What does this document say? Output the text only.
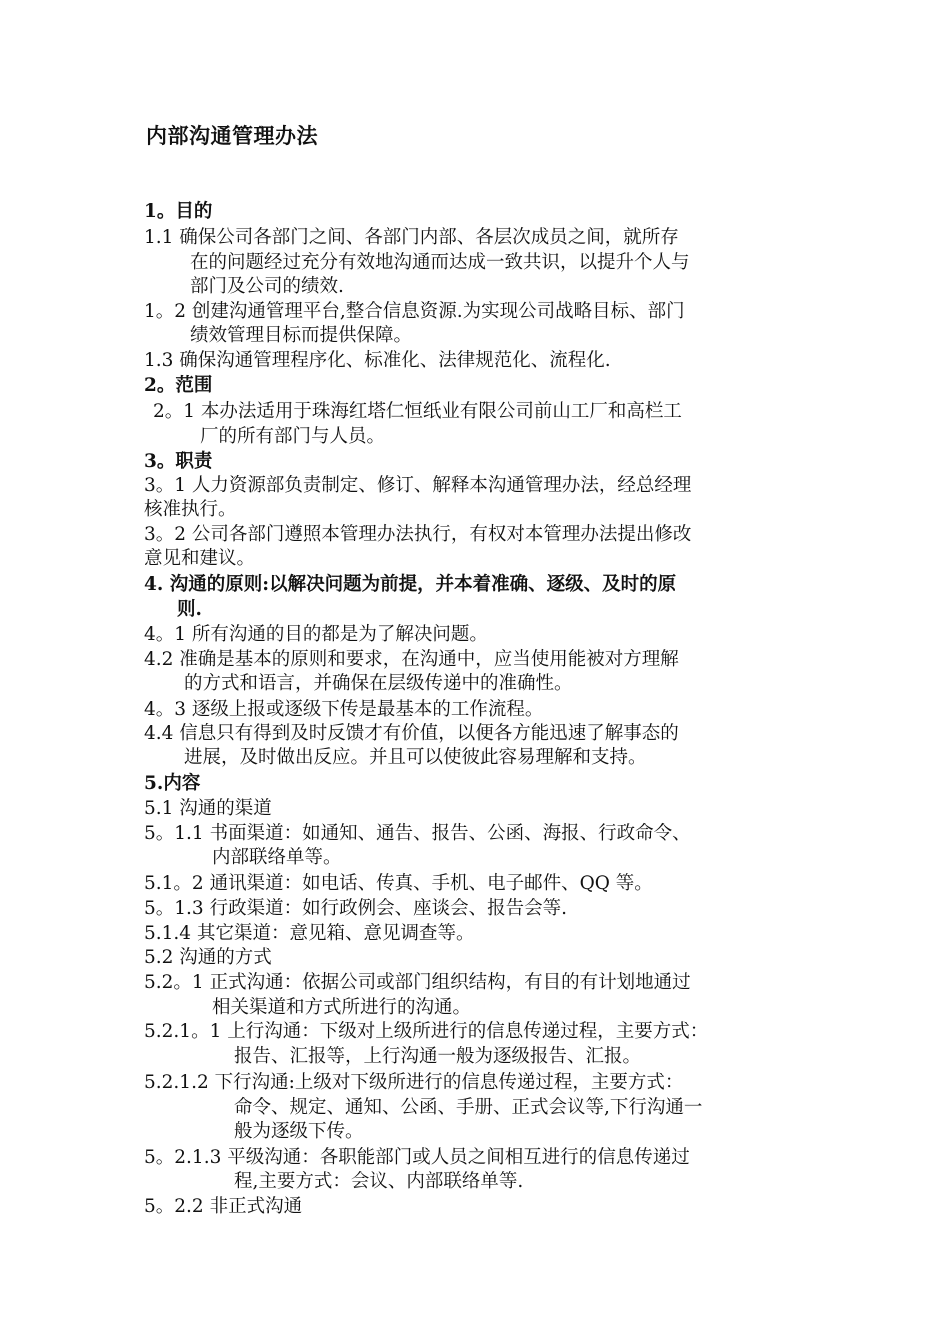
内部沟通管理办法
1。目的
1.1 确保公司各部门之间、各部门内部、各层次成员之间，就所存
在的问题经过充分有效地沟通而达成一致共识，以提升个人与
部门及公司的绩效.
1。2 创建沟通管理平台,整合信息资源.为实现公司战略目标、部门
绩效管理目标而提供保障。
1.3 确保沟通管理程序化、标准化、法律规范化、流程化.
2。范围
2。1 本办法适用于珠海红塔仁恒纸业有限公司前山工厂和高栏工
厂的所有部门与人员。
3。职责
3。1 人力资源部负责制定、修订、解释本沟通管理办法，经总经理
核准执行。
3。2 公司各部门遵照本管理办法执行，有权对本管理办法提出修改
意见和建议。
4. 沟通的原则:以解决问题为前提，并本着准确、逐级、及时的原
则.
4。1 所有沟通的目的都是为了解决问题。
4.2 准确是基本的原则和要求，在沟通中，应当使用能被对方理解
的方式和语言，并确保在层级传递中的准确性。
4。3 逐级上报或逐级下传是最基本的工作流程。
4.4 信息只有得到及时反馈才有价值，以便各方能迅速了解事态的
进展，及时做出反应。并且可以使彼此容易理解和支持。
5.内容
5.1 沟通的渠道
5。1.1 书面渠道：如通知、通告、报告、公函、海报、行政命令、
内部联络单等。
5.1。2 通讯渠道：如电话、传真、手机、电子邮件、QQ 等。
5。1.3 行政渠道：如行政例会、座谈会、报告会等.
5.1.4 其它渠道：意见箱、意见调查等。
5.2 沟通的方式
5.2。1 正式沟通：依据公司或部门组织结构，有目的有计划地通过
相关渠道和方式所进行的沟通。
5.2.1。1 上行沟通：下级对上级所进行的信息传递过程，主要方式：
报告、汇报等，上行沟通一般为逐级报告、汇报。
5.2.1.2 下行沟通:上级对下级所进行的信息传递过程，主要方式：
命令、规定、通知、公函、手册、正式会议等,下行沟通一
般为逐级下传。
5。2.1.3 平级沟通：各职能部门或人员之间相互进行的信息传递过
程,主要方式：会议、内部联络单等.
5。2.2 非正式沟通
